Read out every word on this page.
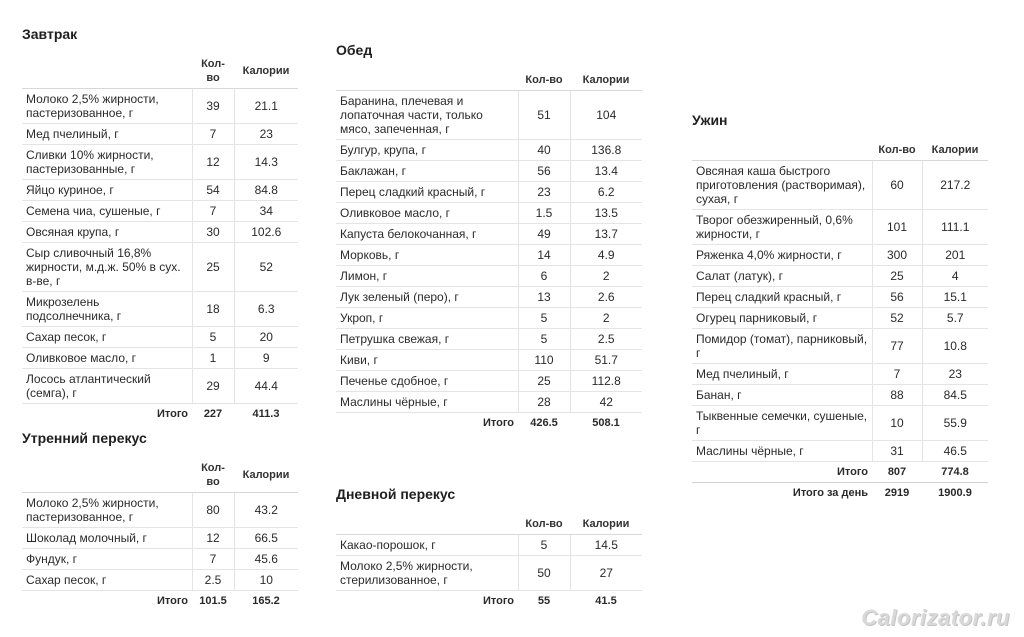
Завтрак
	Кол-во	Калории
Молоко 2,5% жирности, пастеризованное, г	39	21.1
Мед пчелиный, г	7	23
Сливки 10% жирности, пастеризованные, г	12	14.3
Яйцо куриное, г	54	84.8
Семена чиа, сушеные, г	7	34
Овсяная крупа, г	30	102.6
Сыр сливочный 16,8% жирности, м.д.ж. 50% в сух. в-ве, г	25	52
Микрозелень подсолнечника, г	18	6.3
Сахар песок, г	5	20
Оливковое масло, г	1	9
Лосось атлантический (семга), г	29	44.4
Итого	227	411.3
Утренний перекус
	Кол-во	Калории
Молоко 2,5% жирности, пастеризованное, г	80	43.2
Шоколад молочный, г	12	66.5
Фундук, г	7	45.6
Сахар песок, г	2.5	10
Итого	101.5	165.2
Обед
	Кол-во	Калории
Баранина, плечевая и лопаточная части, только мясо, запеченная, г	51	104
Булгур, крупа, г	40	136.8
Баклажан, г	56	13.4
Перец сладкий красный, г	23	6.2
Оливковое масло, г	1.5	13.5
Капуста белокочанная, г	49	13.7
Морковь, г	14	4.9
Лимон, г	6	2
Лук зеленый (перо), г	13	2.6
Укроп, г	5	2
Петрушка свежая, г	5	2.5
Киви, г	110	51.7
Печенье сдобное, г	25	112.8
Маслины чёрные, г	28	42
Итого	426.5	508.1
Дневной перекус
	Кол-во	Калории
Какао-порошок, г	5	14.5
Молоко 2,5% жирности, стерилизованное, г	50	27
Итого	55	41.5
Ужин
	Кол-во	Калории
Овсяная каша быстрого приготовления (растворимая), сухая, г	60	217.2
Творог обезжиренный, 0,6% жирности, г	101	111.1
Ряженка 4,0% жирности, г	300	201
Салат (латук), г	25	4
Перец сладкий красный, г	56	15.1
Огурец парниковый, г	52	5.7
Помидор (томат), парниковый, г	77	10.8
Мед пчелиный, г	7	23
Банан, г	88	84.5
Тыквенные семечки, сушеные, г	10	55.9
Маслины чёрные, г	31	46.5
Итого	807	774.8
Итого за день	2919	1900.9
Calorizator.ru
